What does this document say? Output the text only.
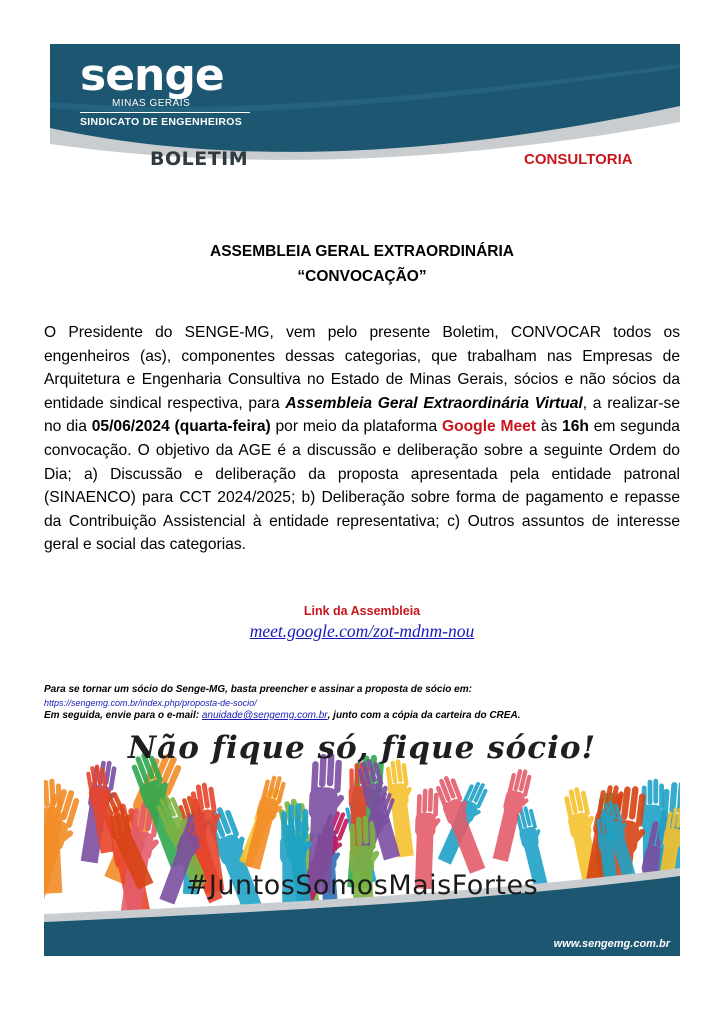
senge
MINAS GERAIS
SINDICATO DE ENGENHEIROS
BOLETIM	CONSULTORIA
ASSEMBLEIA GERAL EXTRAORDINÁRIA
“CONVOCAÇÃO”

O Presidente do SENGE-MG, vem pelo presente Boletim, CONVOCAR todos os engenheiros (as), componentes dessas categorias, que trabalham nas Empresas de Arquitetura e Engenharia Consultiva no Estado de Minas Gerais, sócios e não sócios da entidade sindical respectiva, para Assembleia Geral Extraordinária Virtual, a realizar-se no dia 05/06/2024 (quarta-feira) por meio da plataforma Google Meet às 16h em segunda convocação. O objetivo da AGE é a discussão e deliberação sobre a seguinte Ordem do Dia; a) Discussão e deliberação da proposta apresentada pela entidade patronal (SINAENCO) para CCT 2024/2025; b) Deliberação sobre forma de pagamento e repasse da Contribuição Assistencial à entidade representativa; c) Outros assuntos de interesse geral e social das categorias.

Link da Assembleia
meet.google.com/zot-mdnm-nou
Para se tornar um sócio do Senge-MG, basta preencher e assinar a proposta de sócio em:
https://sengemg.com.br/index.php/proposta-de-socio/
Em seguida, envie para o e-mail: anuidade@sengemg.com.br, junto com a cópia da carteira do CREA.
Não fique só, fique sócio!
#JuntosSomosMaisFortes
www.sengemg.com.br
